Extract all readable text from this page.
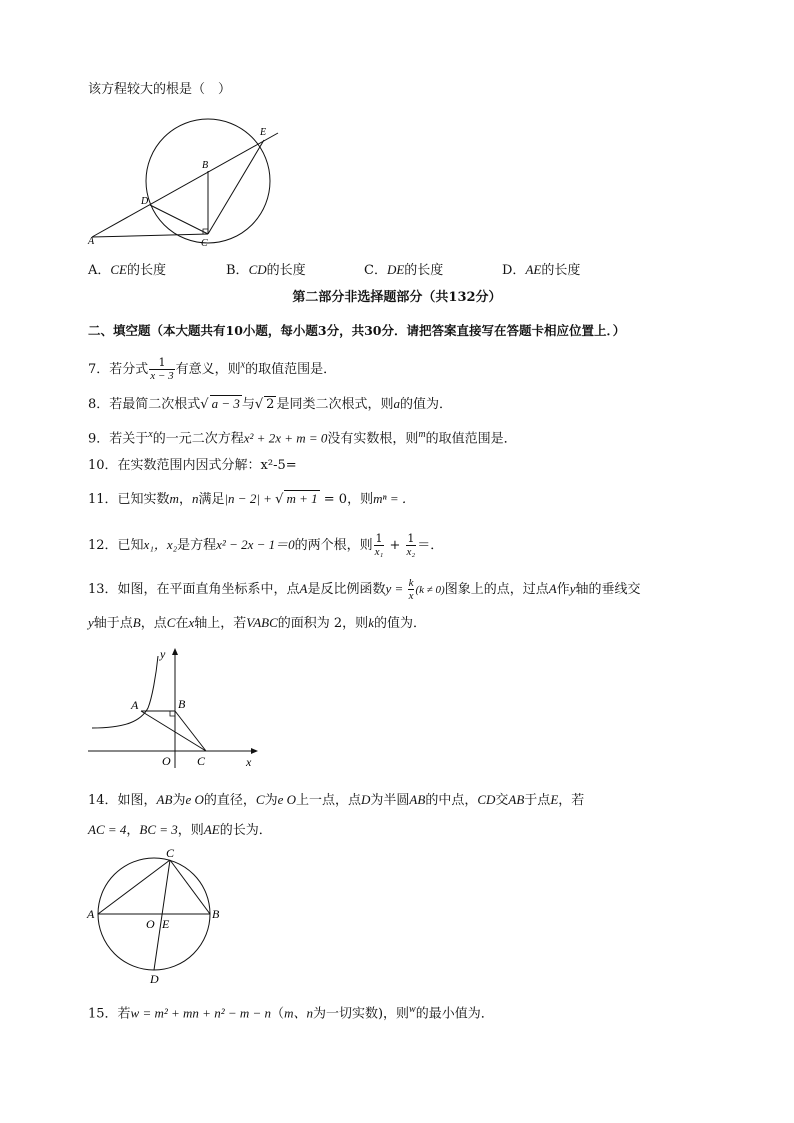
该方程较大的根是（　）
E
B
D
A	C
A．CE的长度	B．CD的长度	C．DE的长度	D．AE的长度
第二部分非选择题部分（共132分）
二、填空题（本大题共有10小题，每小题3分，共30分．请把答案直接写在答题卡相应位置上．）
7．若分式 $\frac{1}{x - 3}$ 有意义，则$^x$的取值范围是．
8．若最简二次根式√ a − 3 与√ 2 是同类二次根式，则a的值为．
9．若关于$^x$的一元二次方程x² + 2x + m = 0没有实数根，则$^m$的取值范围是．
10．在实数范围内因式分解：x²-5=
11．已知实数m，n满足|n − 2| + √ m + 1 = 0，则mⁿ = ．
12．已知x₁，x₂是方程x² − 2x − 1＝0的两个根，则 $\frac{1}{\text{x₁}} + \frac{1}{\text{x₂}}$ ＝．
13．如图，在平面直角坐标系中，点A是反比例函数$y = \frac{k}{x} (k \ne 0)$图象上的点，过点A作y轴的垂线交
y轴于点B，点C在x轴上，若VABC的面积为 2，则k的值为．
y
A	B
O C	x
14．如图，AB为e O的直径，C为e O上一点，点D为半圆AB的中点，CD交AB于点E，若
AC = 4，BC = 3，则AE的长为．
C
A	B
O E
D
15．若w = m² + mn + n² − m − n（m、n为一切实数)，则$^w$的最小值为．
